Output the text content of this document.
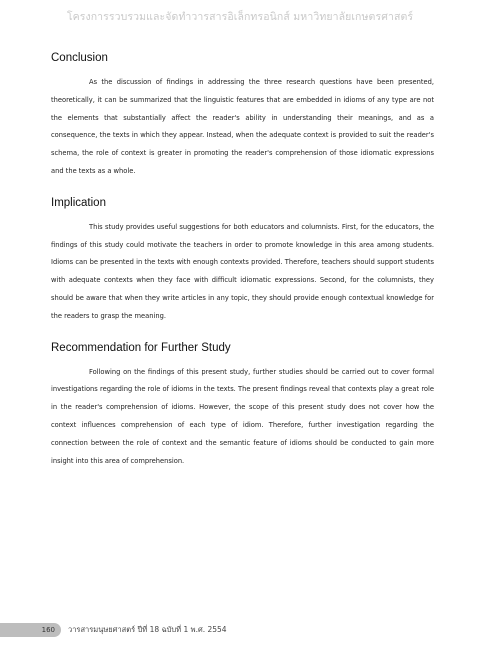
โครงการรวบรวมและจัดทำวารสารอิเล็กทรอนิกส์ มหาวิทยาลัยเกษตรศาสตร์
Conclusion

As the discussion of findings in addressing the three research questions have been presented, theoretically, it can be summarized that the linguistic features that are embedded in idioms of any type are not the elements that substantially affect the reader's ability in understanding their meanings, and as a consequence, the texts in which they appear. Instead, when the adequate context is provided to suit the reader's schema, the role of context is greater in promoting the reader's comprehension of those idiomatic expressions and the texts as a whole.

Implication

This study provides useful suggestions for both educators and columnists. First, for the educators, the findings of this study could motivate the teachers in order to promote knowledge in this area among students. Idioms can be presented in the texts with enough contexts provided. Therefore, teachers should support students with adequate contexts when they face with difficult idiomatic expressions. Second, for the columnists, they should be aware that when they write articles in any topic, they should provide enough contextual knowledge for the readers to grasp the meaning.

Recommendation for Further Study

Following on the findings of this present study, further studies should be carried out to cover formal investigations regarding the role of idioms in the texts. The present findings reveal that contexts play a great role in the reader's comprehension of idioms. However, the scope of this present study does not cover how the context influences comprehension of each type of idiom. Therefore, further investigation regarding the connection between the role of context and the semantic feature of idioms should be conducted to gain more insight into this area of comprehension.

160 วารสารมนุษยศาสตร์ ปีที่ 18 ฉบับที่ 1 พ.ศ. 2554
